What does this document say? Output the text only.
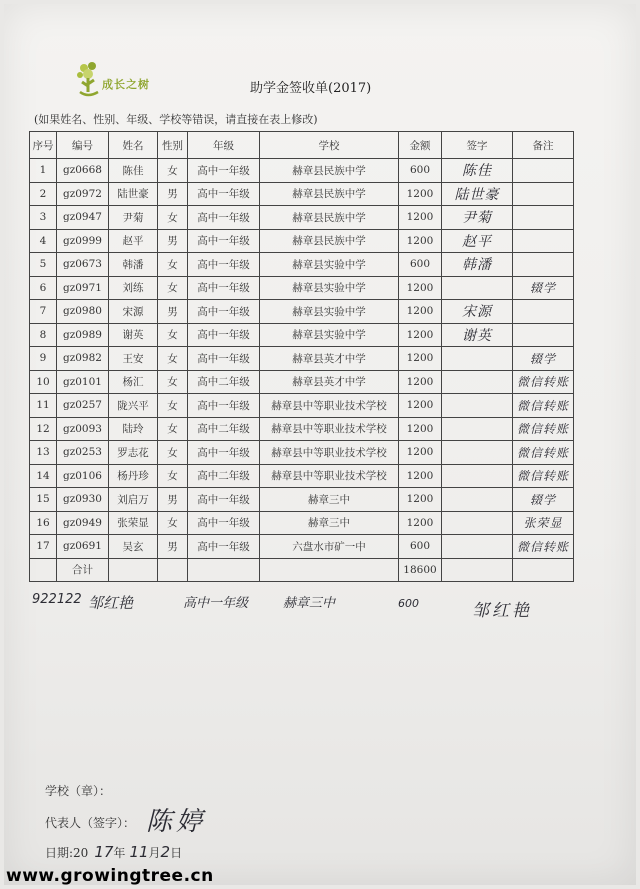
成长之树	助学金签收单(2017)
(如果姓名、性别、年级、学校等错误，请直接在表上修改)
序号	编号	姓名	性别	年级	学校	金额	签字	备注
1	gz0668	陈佳	女	高中一年级	赫章县民族中学	600	陈佳	
2	gz0972	陆世豪	男	高中一年级	赫章县民族中学	1200	陆世豪	
3	gz0947	尹菊	女	高中一年级	赫章县民族中学	1200	尹菊	
4	gz0999	赵平	男	高中一年级	赫章县民族中学	1200	赵平	
5	gz0673	韩潘	女	高中一年级	赫章县实验中学	600	韩潘	
6	gz0971	刘练	女	高中一年级	赫章县实验中学	1200		辍学
7	gz0980	宋源	男	高中一年级	赫章县实验中学	1200	宋源	
8	gz0989	谢英	女	高中一年级	赫章县实验中学	1200	谢英	
9	gz0982	王安	女	高中一年级	赫章县英才中学	1200		辍学
10	gz0101	杨汇	女	高中二年级	赫章县英才中学	1200		微信转账
11	gz0257	陇兴平	女	高中一年级	赫章县中等职业技术学校	1200		微信转账
12	gz0093	陆玲	女	高中二年级	赫章县中等职业技术学校	1200		微信转账
13	gz0253	罗志花	女	高中一年级	赫章县中等职业技术学校	1200		微信转账
14	gz0106	杨丹珍	女	高中二年级	赫章县中等职业技术学校	1200		微信转账
15	gz0930	刘启万	男	高中一年级	赫章三中	1200		辍学
16	gz0949	张荣显	女	高中一年级	赫章三中	1200		张荣显
17	gz0691	吴玄	男	高中一年级	六盘水市矿一中	600		微信转账
	合计					18600		
922122 邹红艳	高中一年级	赫章三中	600	邹红艳
学校（章）：
代表人（签字）： 陈婷
日期:20 17 年 11 月 2 日
www.growingtree.cn
